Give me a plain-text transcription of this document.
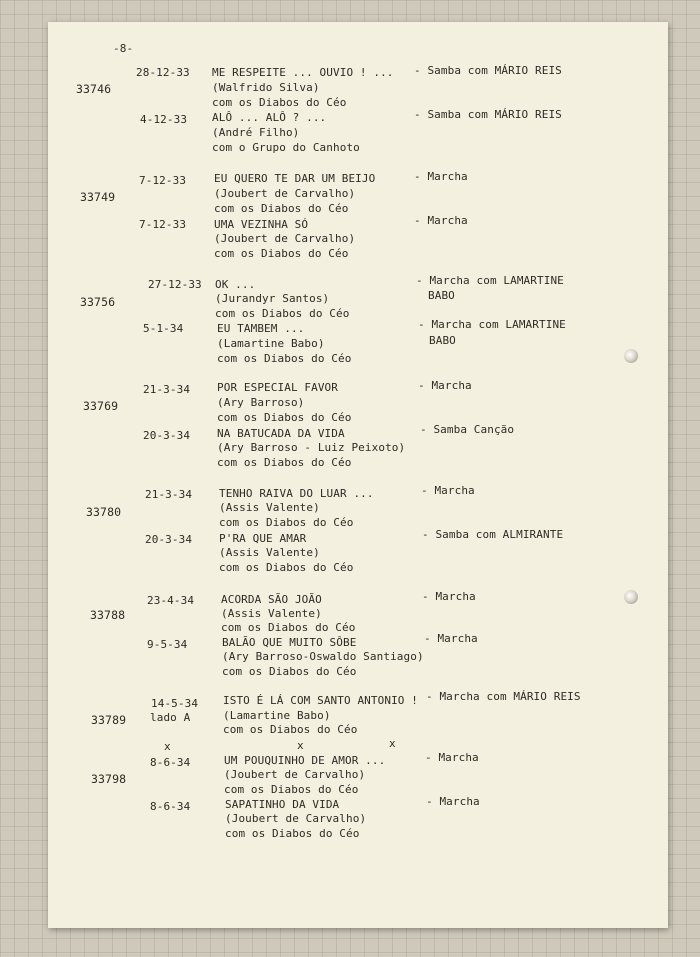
-8-
33746
28-12-33 ME RESPEITE ... OUVIO ! ... - Samba com MÁRIO REIS
(Walfrido Silva)
com os Diabos do Céo
4-12-33 ALÔ ... ALÔ ? ...	- Samba com MÁRIO REIS
(André Filho)
com o Grupo do Canhoto
33749
7-12-33	EU QUERO TE DAR UM BEIJO	- Marcha
(Joubert de Carvalho)
com os Diabos do Céo
7-12-33	UMA VEZINHA SÓ	- Marcha
(Joubert de Carvalho)
com os Diabos do Céo
33756
27-12-33 OK ...	- Marcha com LAMARTINE
BABO
(Jurandyr Santos)
com os Diabos do Céo
5-1-34	EU TAMBEM ...	- Marcha com LAMARTINE
BABO
(Lamartine Babo)
com os Diabos do Céo
33769
21-3-34 POR ESPECIAL FAVOR	- Marcha
(Ary Barroso)
com os Diabos do Céo
20-3-34 NA BATUCADA DA VIDA	- Samba Canção
(Ary Barroso - Luiz Peixoto)
com os Diabos do Céo
33780
21-3-34 TENHO RAIVA DO LUAR ...	- Marcha
(Assis Valente)
com os Diabos do Céo
20-3-34 P'RA QUE AMAR	- Samba com ALMIRANTE
(Assis Valente)
com os Diabos do Céo
33788
23-4-34 ACORDA SÃO JOÃO	- Marcha
(Assis Valente)
com os Diabos do Céo
9-5-34	BALÃO QUE MUITO SÔBE	- Marcha
(Ary Barroso-Oswaldo Santiago)
com os Diabos do Céo
33789
14-5-34
lado A
ISTO É LÁ COM SANTO ANTONIO ! - Marcha com MÁRIO REIS
(Lamartine Babo)
com os Diabos do Céo
x	x	x
33798
8-6-34	UM POUQUINHO DE AMOR ...	- Marcha
(Joubert de Carvalho)
com os Diabos do Céo
8-6-34	SAPATINHO DA VIDA	- Marcha
(Joubert de Carvalho)
com os Diabos do Céo
